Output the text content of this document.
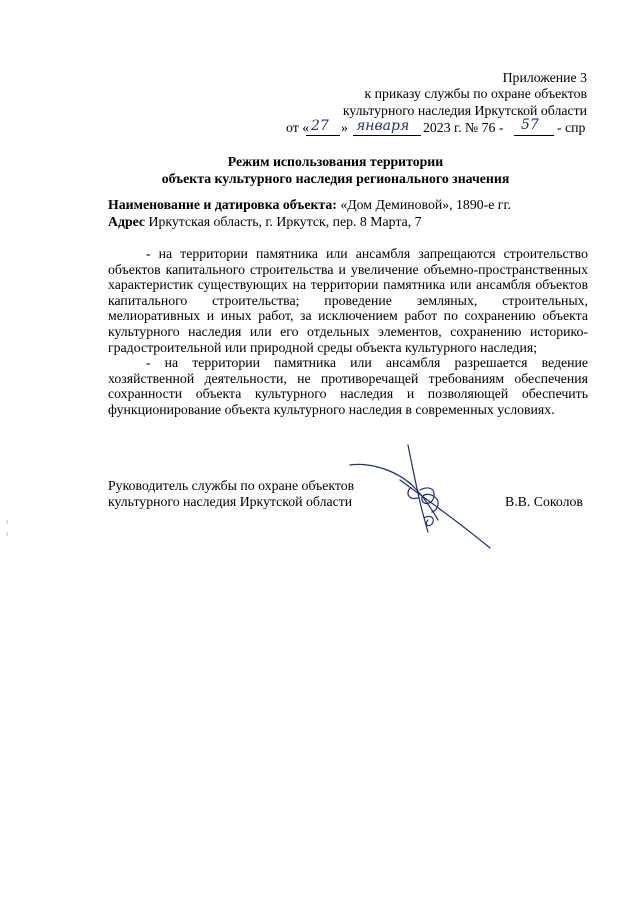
Приложение 3
к приказу службы по охране объектов
культурного наследия Иркутской области
от « 27 » января 2023 г. № 76 - 57 - спр
Режим использования территории
объекта культурного наследия регионального значения
Наименование и датировка объекта: «Дом Деминовой», 1890-е гг.
Адрес Иркутская область, г. Иркутск, пер. 8 Марта, 7

- на территории памятника или ансамбля запрещаются строительство объектов капитального строительства и увеличение объемно-пространственных характеристик существующих на территории памятника или ансамбля объектов капитального строительства; проведение земляных, строительных, мелиоративных и иных работ, за исключением работ по сохранению объекта культурного наследия или его отдельных элементов, сохранению историко-градостроительной или природной среды объекта культурного наследия;

- на территории памятника или ансамбля разрешается ведение хозяйственной деятельности, не противоречащей требованиям обеспечения сохранности объекта культурного наследия и позволяющей обеспечить функционирование объекта культурного наследия в современных условиях.

Руководитель службы по охране объектов
культурного наследия Иркутской области	В.В. Соколов
